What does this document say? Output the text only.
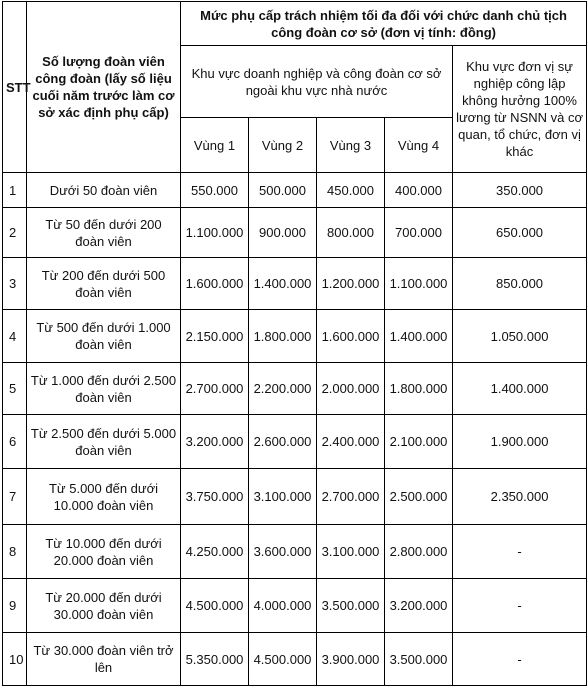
STT	Số lượng đoàn viên công đoàn (lấy số liệu cuối năm trước làm cơ sở xác định phụ cấp)	Mức phụ cấp trách nhiệm tối đa đối với chức danh chủ tịch công đoàn cơ sở (đơn vị tính: đồng)				
		Khu vực doanh nghiệp và công đoàn cơ sở ngoài khu vực nhà nước				Khu vực đơn vị sự nghiệp công lập không hưởng 100% lương từ NSNN và cơ quan, tổ chức, đơn vị khác
		Vùng 1	Vùng 2	Vùng 3	Vùng 4	
1	Dưới 50 đoàn viên	550.000	500.000	450.000	400.000	350.000
2	Từ 50 đến dưới 200 đoàn viên	1.100.000	900.000	800.000	700.000	650.000
3	Từ 200 đến dưới 500 đoàn viên	1.600.000	1.400.000	1.200.000	1.100.000	850.000
4	Từ 500 đến dưới 1.000 đoàn viên	2.150.000	1.800.000	1.600.000	1.400.000	1.050.000
5	Từ 1.000 đến dưới 2.500 đoàn viên	2.700.000	2.200.000	2.000.000	1.800.000	1.400.000
6	Từ 2.500 đến dưới 5.000 đoàn viên	3.200.000	2.600.000	2.400.000	2.100.000	1.900.000
7	Từ 5.000 đến dưới 10.000 đoàn viên	3.750.000	3.100.000	2.700.000	2.500.000	2.350.000
8	Từ 10.000 đến dưới 20.000 đoàn viên	4.250.000	3.600.000	3.100.000	2.800.000	-
9	Từ 20.000 đến dưới 30.000 đoàn viên	4.500.000	4.000.000	3.500.000	3.200.000	-
10	Từ 30.000 đoàn viên trở lên	5.350.000	4.500.000	3.900.000	3.500.000	-
